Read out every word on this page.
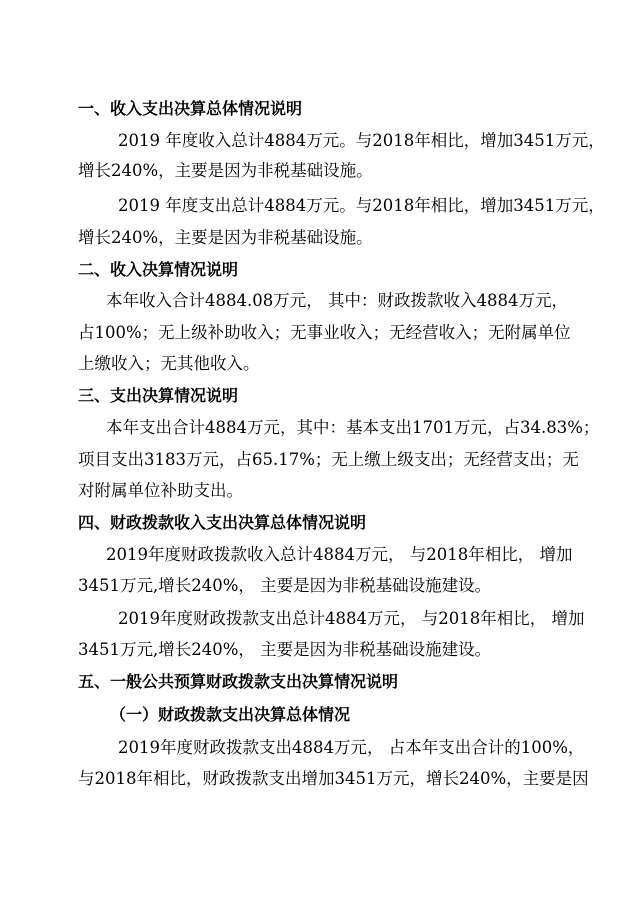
一、收入支出决算总体情况说明
2019 年度收入总计4884万元。与2018年相比，增加3451万元，
增长240%，主要是因为非税基础设施。
2019 年度支出总计4884万元。与2018年相比，增加3451万元，
增长240%，主要是因为非税基础设施。
二、收入决算情况说明
本年收入合计4884.08万元， 其中：财政拨款收入4884万元，
占100%；无上级补助收入；无事业收入；无经营收入；无附属单位
上缴收入；无其他收入。
三、支出决算情况说明
本年支出合计4884万元，其中：基本支出1701万元，占34.83%；
项目支出3183万元，占65.17%；无上缴上级支出；无经营支出；无
对附属单位补助支出。
四、财政拨款收入支出决算总体情况说明
2019年度财政拨款收入总计4884万元， 与2018年相比， 增加
3451万元,增长240%， 主要是因为非税基础设施建设。
2019年度财政拨款支出总计4884万元， 与2018年相比， 增加
3451万元,增长240%， 主要是因为非税基础设施建设。
五、一般公共预算财政拨款支出决算情况说明
（一）财政拨款支出决算总体情况
2019年度财政拨款支出4884万元， 占本年支出合计的100%，
与2018年相比，财政拨款支出增加3451万元，增长240%，主要是因
